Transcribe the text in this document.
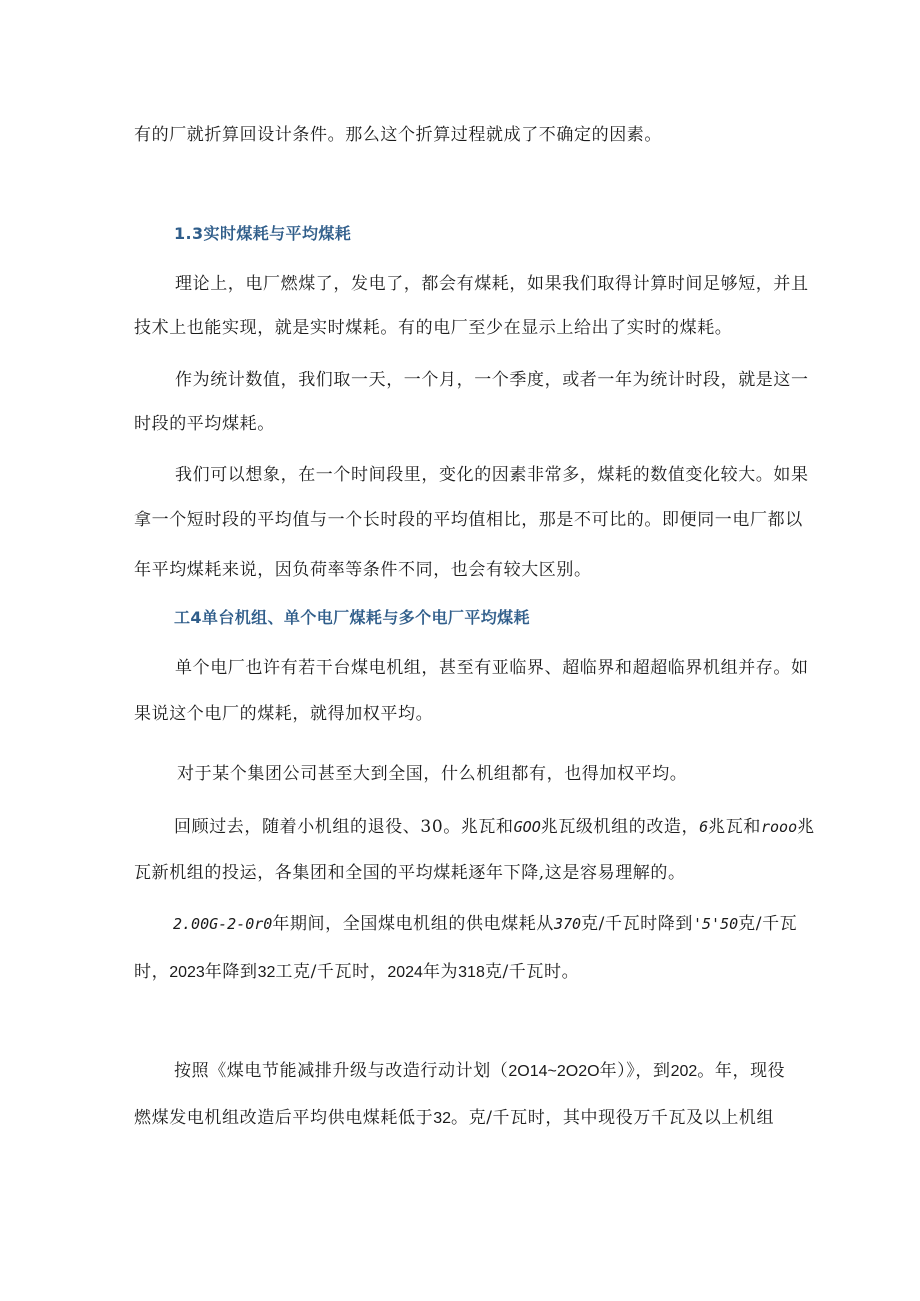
有的厂就折算回设计条件。那么这个折算过程就成了不确定的因素。
1.3实时煤耗与平均煤耗
理论上，电厂燃煤了，发电了，都会有煤耗，如果我们取得计算时间足够短，并且
技术上也能实现，就是实时煤耗。有的电厂至少在显示上给出了实时的煤耗。
作为统计数值，我们取一天，一个月，一个季度，或者一年为统计时段，就是这一
时段的平均煤耗。
我们可以想象，在一个时间段里，变化的因素非常多，煤耗的数值变化较大。如果
拿一个短时段的平均值与一个长时段的平均值相比，那是不可比的。即便同一电厂都以
年平均煤耗来说，因负荷率等条件不同，也会有较大区别。
工4单台机组、单个电厂煤耗与多个电厂平均煤耗
单个电厂也许有若干台煤电机组，甚至有亚临界、超临界和超超临界机组并存。如
果说这个电厂的煤耗，就得加权平均。
对于某个集团公司甚至大到全国，什么机组都有，也得加权平均。
回顾过去，随着小机组的退役、30。兆瓦和GOO兆瓦级机组的改造，6兆瓦和rooo兆
瓦新机组的投运，各集团和全国的平均煤耗逐年下降,这是容易理解的。
2.00G-2-0r0年期间，全国煤电机组的供电煤耗从370克/千瓦时降到'5'50克/千瓦
时，2023年降到32工克/千瓦时，2024年为318克/千瓦时。
按照《煤电节能减排升级与改造行动计划（2O14~2O2O年）》，到202。年，现役
燃煤发电机组改造后平均供电煤耗低于32。克/千瓦时，其中现役万千瓦及以上机组
